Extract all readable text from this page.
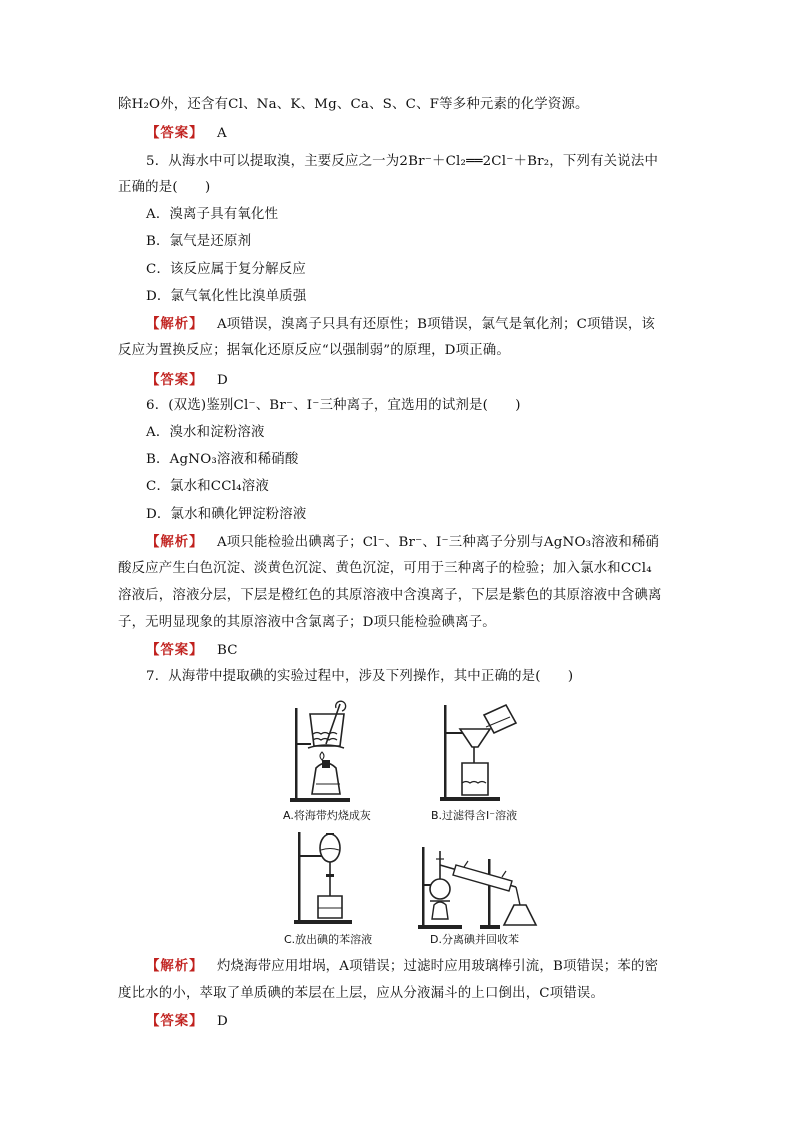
除H₂O外，还含有Cl、Na、K、Mg、Ca、S、C、F等多种元素的化学资源。
【答案】 A
5．从海水中可以提取溴，主要反应之一为2Br⁻＋Cl₂══2Cl⁻＋Br₂，下列有关说法中
正确的是(　　)
A．溴离子具有氧化性
B．氯气是还原剂
C．该反应属于复分解反应
D．氯气氧化性比溴单质强
【解析】 A项错误，溴离子只具有还原性；B项错误，氯气是氧化剂；C项错误，该
反应为置换反应；据氧化还原反应“以强制弱”的原理，D项正确。
【答案】 D
6．(双选)鉴别Cl⁻、Br⁻、I⁻三种离子，宜选用的试剂是(　　)
A．溴水和淀粉溶液
B．AgNO₃溶液和稀硝酸
C．氯水和CCl₄溶液
D．氯水和碘化钾淀粉溶液
【解析】 A项只能检验出碘离子；Cl⁻、Br⁻、I⁻三种离子分别与AgNO₃溶液和稀硝
酸反应产生白色沉淀、淡黄色沉淀、黄色沉淀，可用于三种离子的检验；加入氯水和CCl₄
溶液后，溶液分层，下层是橙红色的其原溶液中含溴离子，下层是紫色的其原溶液中含碘离
子，无明显现象的其原溶液中含氯离子；D项只能检验碘离子。
【答案】 BC
7．从海带中提取碘的实验过程中，涉及下列操作，其中正确的是(　　)
A.将海带灼烧成灰	B.过滤得含I⁻溶液
C.放出碘的苯溶液	D.分离碘并回收苯
【解析】 灼烧海带应用坩埚，A项错误；过滤时应用玻璃棒引流，B项错误；苯的密
度比水的小，萃取了单质碘的苯层在上层，应从分液漏斗的上口倒出，C项错误。
【答案】 D
